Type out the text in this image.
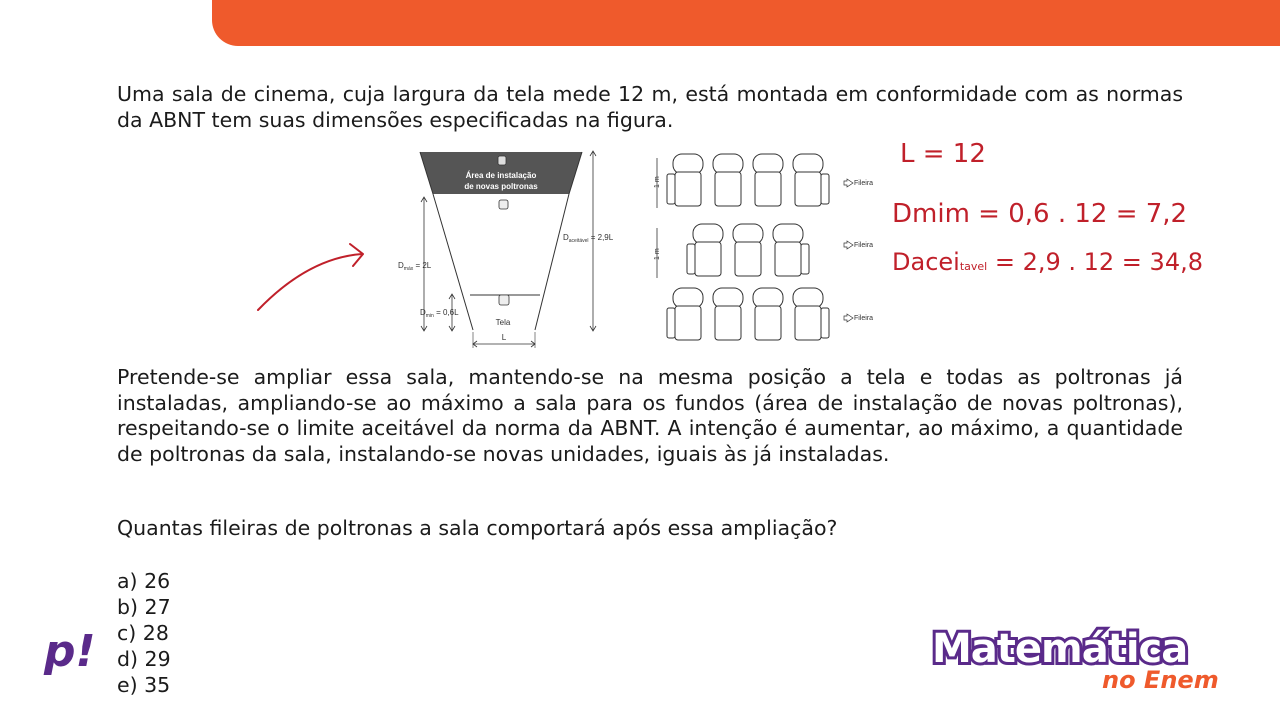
Uma sala de cinema, cuja largura da tela mede 12 m, está montada em conformidade com as normas da ABNT tem suas dimensões especificadas na figura.

Área de instalação
de novas poltronas
$D_{máx} = 2L$
$D_{min} = 0,6L$
$D_{aceitável} = 2,9L$
Tela
L
1 m
1 m
Fileira
Fileira
Fileira
L = 12
Dmim = 0,6 . 12 = 7,2
Daceitavel = 2,9 . 12 = 34,8

Pretende-se ampliar essa sala, mantendo-se na mesma posição a tela e todas as poltronas já instaladas, ampliando-se ao máximo a sala para os fundos (área de instalação de novas poltronas), respeitando-se o limite aceitável da norma da ABNT. A intenção é aumentar, ao máximo, a quantidade de poltronas da sala, instalando-se novas unidades, iguais às já instaladas.

Quantas fileiras de poltronas a sala comportará após essa ampliação?

a) 26
b) 27
c) 28
d) 29
e) 35
p!	Matemática
no Enem
